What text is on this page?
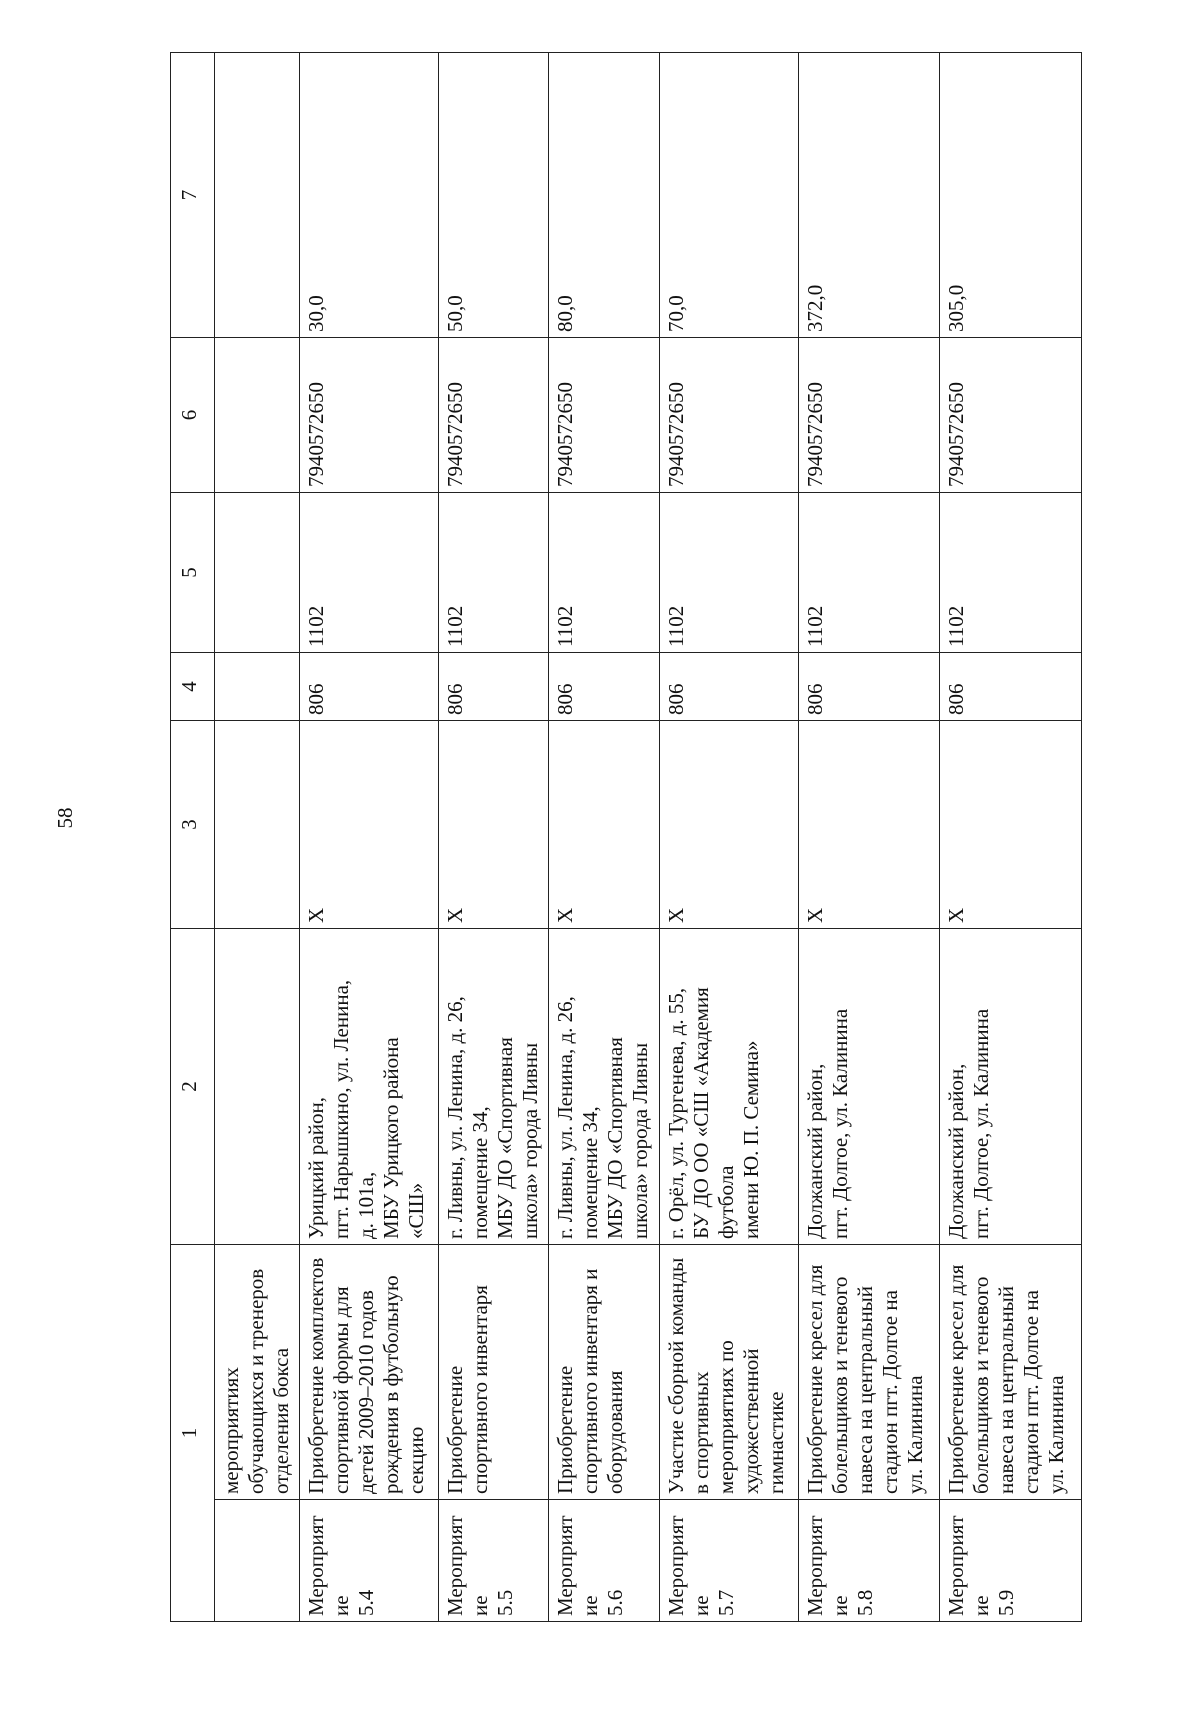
58
1		2	3	4	5	6	7

	мероприятиях
обучающихся и тренеров
отделения бокса						

Мероприятие
5.4	Приобретение комплектов
спортивной формы для
детей 2009–2010 годов
рождения в футбольную
секцию	Урицкий район,
пгт. Нарышкино, ул. Ленина,
д. 101а,
МБУ Урицкого района
«СШ»	Х	806	1102	7940572650	30,0

Мероприятие
5.5	Приобретение
спортивного инвентаря	г. Ливны, ул. Ленина, д. 26,
помещение 34,
МБУ ДО «Спортивная
школа» города Ливны	Х	806	1102	7940572650	50,0

Мероприятие
5.6	Приобретение
спортивного инвентаря и
оборудования	г. Ливны, ул. Ленина, д. 26,
помещение 34,
МБУ ДО «Спортивная
школа» города Ливны	Х	806	1102	7940572650	80,0

Мероприятие
5.7	Участие сборной команды
в спортивных
мероприятиях по
художественной
гимнастике	г. Орёл, ул. Тургенева, д. 55,
БУ ДО ОО «СШ «Академия
футбола
имени Ю. П. Семина»	Х	806	1102	7940572650	70,0

Мероприятие
5.8	Приобретение кресел для
болельщиков и теневого
навеса на центральный
стадион пгт. Долгое на
ул. Калинина	Должанский район,
пгт. Долгое, ул. Калинина	Х	806	1102	7940572650	372,0

Мероприятие
5.9	Приобретение кресел для
болельщиков и теневого
навеса на центральный
стадион пгт. Долгое на
ул. Калинина	Должанский район,
пгт. Долгое, ул. Калинина	Х	806	1102	7940572650	305,0
